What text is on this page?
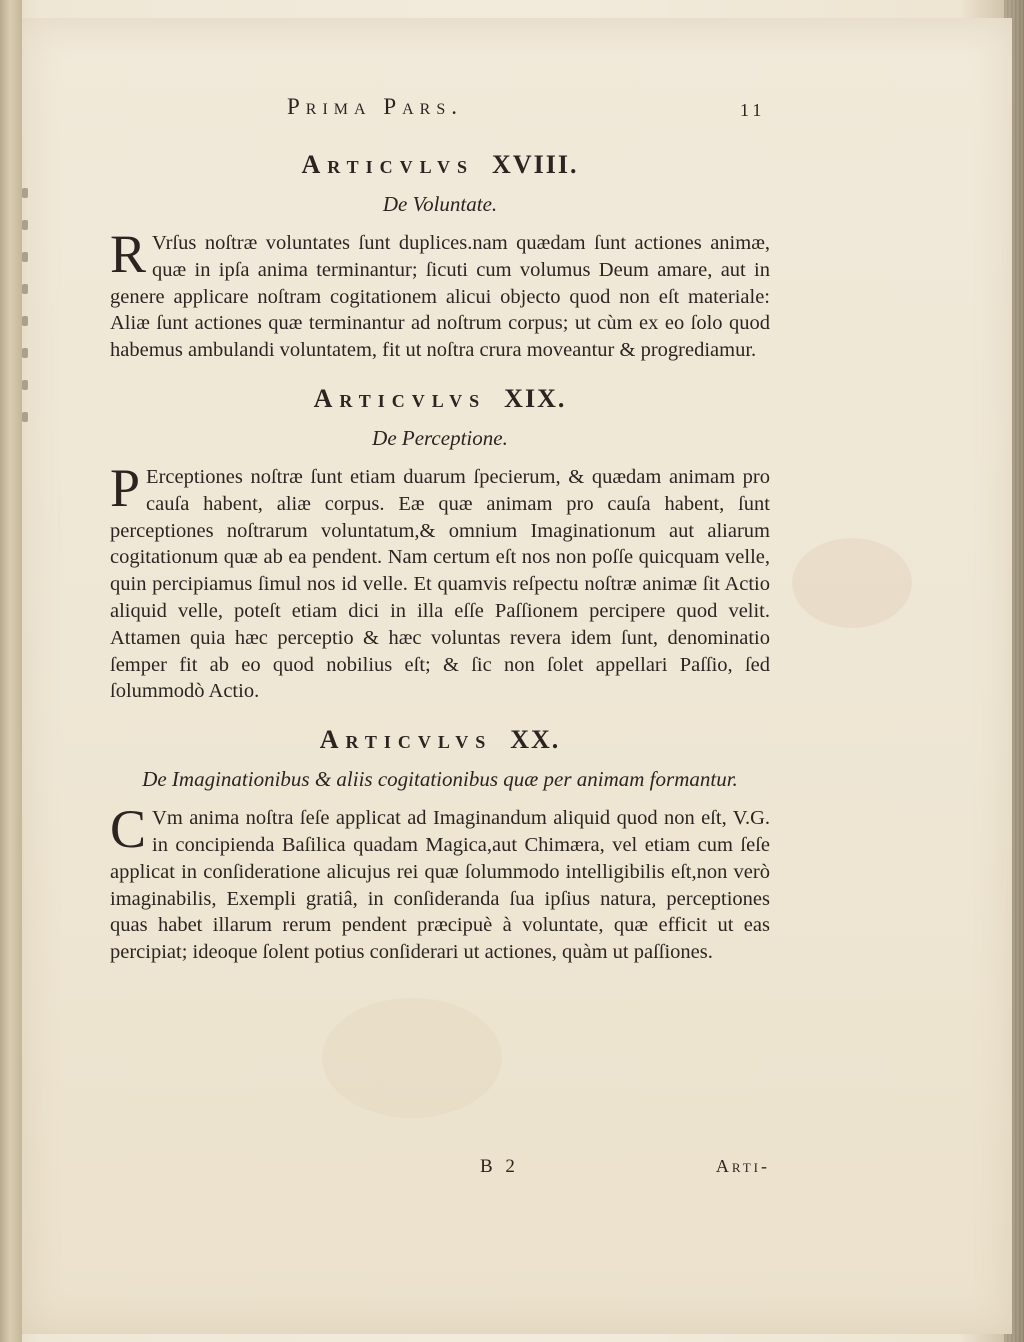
Prima Pars.	11
Articvlvs XVIII.
De Voluntate.

R Vrſus noſtræ voluntates ſunt duplices.nam quædam ſunt actiones animæ, quæ in ipſa anima terminantur; ſicuti cum volumus Deum amare, aut in genere applicare noſtram cogitationem alicui objecto quod non eſt materiale: Aliæ ſunt actiones quæ terminantur ad noſtrum corpus; ut cùm ex eo ſolo quod habemus ambulandi voluntatem, fit ut noſtra crura moveantur & progrediamur.

Articvlvs XIX.
De Perceptione.

P Erceptiones noſtræ ſunt etiam duarum ſpecierum, & quædam animam pro cauſa habent, aliæ corpus. Eæ quæ animam pro cauſa habent, ſunt perceptiones noſtrarum voluntatum,& omnium Imaginationum aut aliarum cogitationum quæ ab ea pendent. Nam certum eſt nos non poſſe quicquam velle, quin percipiamus ſimul nos id velle. Et quamvis reſpectu noſtræ animæ ſit Actio aliquid velle, poteſt etiam dici in illa eſſe Paſſionem percipere quod velit. Attamen quia hæc perceptio & hæc voluntas revera idem ſunt, denominatio ſemper fit ab eo quod nobilius eſt; & ſic non ſolet appellari Paſſio, ſed ſolummodò Actio.

Articvlvs XX.
De Imaginationibus & aliis cogitationibus quæ per animam formantur.

C Vm anima noſtra ſeſe applicat ad Imaginandum aliquid quod non eſt, V.G. in concipienda Baſilica quadam Magica,aut Chimæra, vel etiam cum ſeſe applicat in conſideratione alicujus rei quæ ſolummodo intelligibilis eſt,non verò imaginabilis, Exempli gratiâ, in conſideranda ſua ipſius natura, perceptiones quas habet illarum rerum pendent præcipuè à voluntate, quæ efficit ut eas percipiat; ideoque ſolent potius conſiderari ut actiones, quàm ut paſſiones.

B 2	Arti-
